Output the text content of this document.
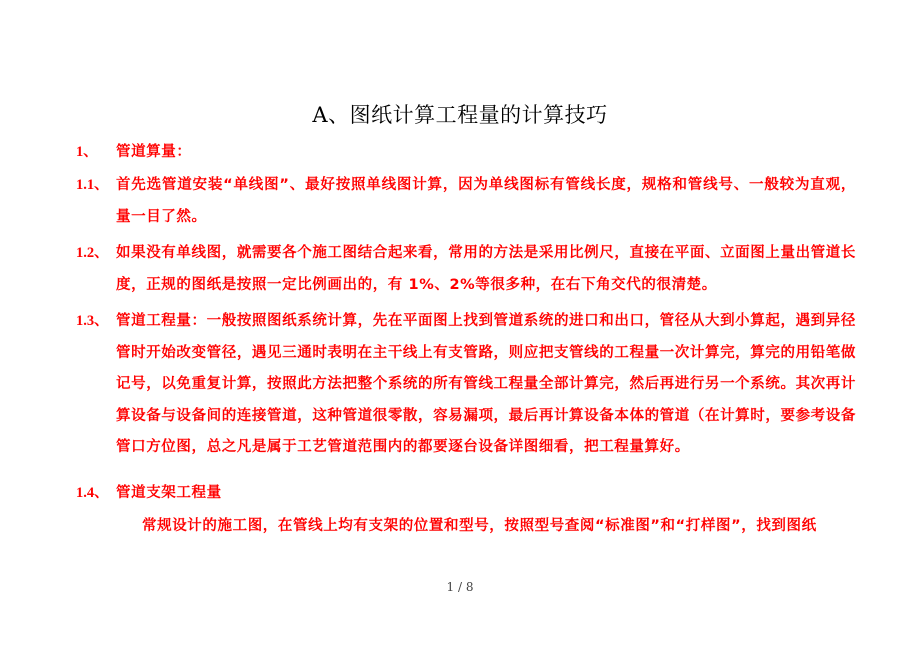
A、图纸计算工程量的计算技巧
1、	管道算量：
1.1、 首先选管道安装“单线图”、最好按照单线图计算，因为单线图标有管线长度，规格和管线号、一般较为直观，量一目了然。
1.2、 如果没有单线图，就需要各个施工图结合起来看，常用的方法是采用比例尺，直接在平面、立面图上量出管道长度，正规的图纸是按照一定比例画出的，有 1%、2%等很多种，在右下角交代的很清楚。
1.3、 管道工程量：一般按照图纸系统计算，先在平面图上找到管道系统的进口和出口，管径从大到小算起，遇到异径管时开始改变管径，遇见三通时表明在主干线上有支管路，则应把支管线的工程量一次计算完，算完的用铅笔做记号，以免重复计算，按照此方法把整个系统的所有管线工程量全部计算完，然后再进行另一个系统。其次再计算设备与设备间的连接管道，这种管道很零散，容易漏项，最后再计算设备本体的管道（在计算时，要参考设备管口方位图，总之凡是属于工艺管道范围内的都要逐台设备详图细看，把工程量算好。
1.4、 管道支架工程量
常规设计的施工图，在管线上均有支架的位置和型号，按照型号查阅“标准图”和“打样图”，找到图纸
1 / 8
